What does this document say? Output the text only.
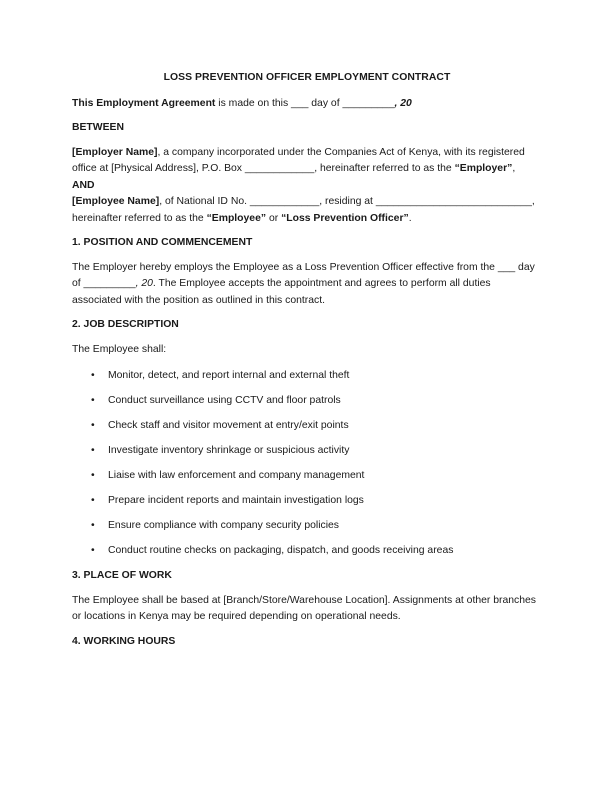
LOSS PREVENTION OFFICER EMPLOYMENT CONTRACT

This Employment Agreement is made on this ___ day of _________, 20

BETWEEN

[Employer Name], a company incorporated under the Companies Act of Kenya, with its registered office at [Physical Address], P.O. Box ____________, hereinafter referred to as the “Employer”,

AND

[Employee Name], of National ID No. ____________, residing at ___________________________, hereinafter referred to as the “Employee” or “Loss Prevention Officer”.

1. POSITION AND COMMENCEMENT

The Employer hereby employs the Employee as a Loss Prevention Officer effective from the ___ day of _________, 20. The Employee accepts the appointment and agrees to perform all duties associated with the position as outlined in this contract.

2. JOB DESCRIPTION

The Employee shall:

• Monitor, detect, and report internal and external theft
• Conduct surveillance using CCTV and floor patrols
• Check staff and visitor movement at entry/exit points
• Investigate inventory shrinkage or suspicious activity
• Liaise with law enforcement and company management
• Prepare incident reports and maintain investigation logs
• Ensure compliance with company security policies
• Conduct routine checks on packaging, dispatch, and goods receiving areas

3. PLACE OF WORK

The Employee shall be based at [Branch/Store/Warehouse Location]. Assignments at other branches or locations in Kenya may be required depending on operational needs.

4. WORKING HOURS
